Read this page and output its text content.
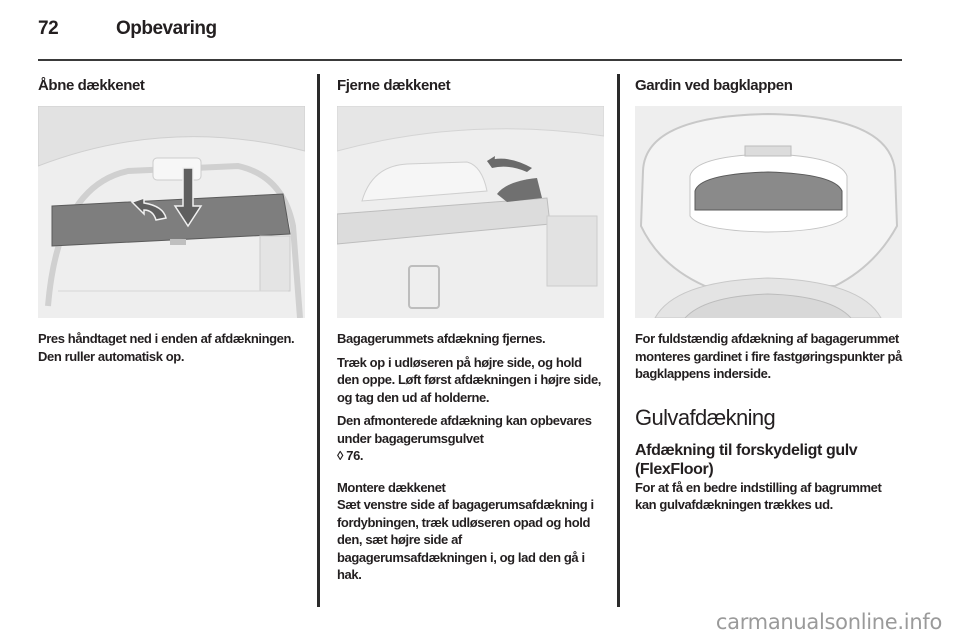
72	Opbevaring
Åbne dækkenet

Pres håndtaget ned i enden af afdækningen. Den ruller automatisk op.

Fjerne dækkenet

Bagagerummets afdækning fjernes.

Træk op i udløseren på højre side, og hold den oppe. Løft først afdækningen i højre side, og tag den ud af holderne.

Den afmonterede afdækning kan opbevares under bagagerumsgulvet
◊ 76.

Montere dækkenet
Sæt venstre side af bagagerumsafdækning i fordybningen, træk udløseren opad og hold den, sæt højre side af bagagerumsafdækningen i, og lad den gå i hak.

Gardin ved bagklappen

For fuldstændig afdækning af bagagerummet monteres gardinet i fire fastgøringspunkter på bagklappens inderside.

Gulvafdækning
Afdækning til forskydeligt gulv (FlexFloor)

For at få en bedre indstilling af bagrummet kan gulvafdækningen trækkes ud.

carmanualsonline.info
